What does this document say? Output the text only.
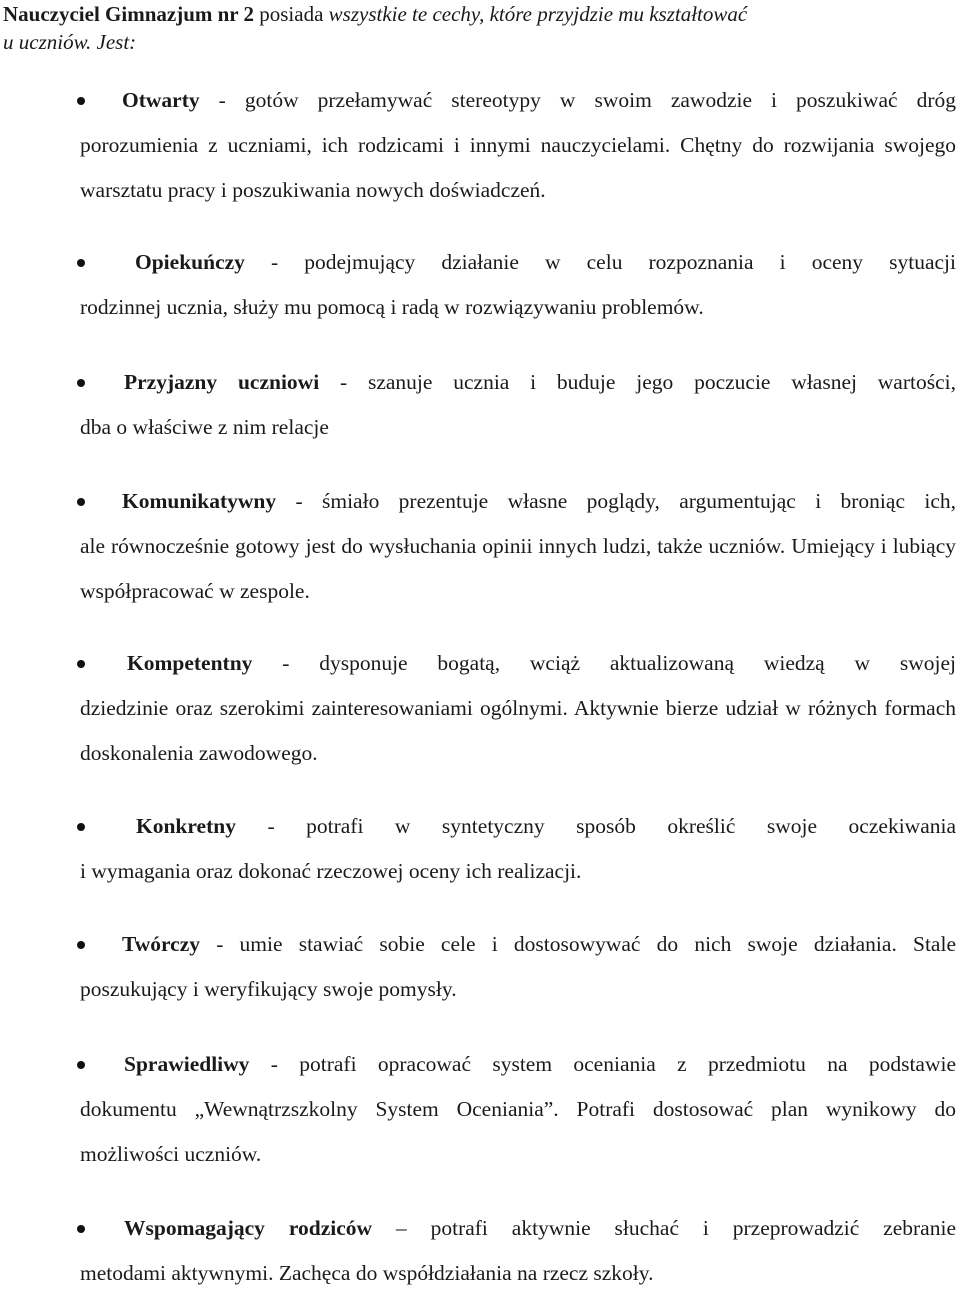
Nauczyciel Gimnazjum nr 2 posiada wszystkie te cechy, które przyjdzie mu kształtować
u uczniów. Jest:
Otwarty - gotów przełamywać stereotypy w swoim zawodzie i poszukiwać dróg
porozumienia z uczniami, ich rodzicami i innymi nauczycielami. Chętny do rozwijania swojego warsztatu pracy i poszukiwania nowych doświadczeń.
Opiekuńczy - podejmujący działanie w celu rozpoznania i oceny sytuacji
rodzinnej ucznia, służy mu pomocą i radą w rozwiązywaniu problemów.
Przyjazny uczniowi - szanuje ucznia i buduje jego poczucie własnej wartości,
dba o właściwe z nim relacje
Komunikatywny - śmiało prezentuje własne poglądy, argumentując i broniąc ich,
ale równocześnie gotowy jest do wysłuchania opinii innych ludzi, także uczniów. Umiejący i lubiący współpracować w zespole.
Kompetentny - dysponuje bogatą, wciąż aktualizowaną wiedzą w swojej
dziedzinie oraz szerokimi zainteresowaniami ogólnymi. Aktywnie bierze udział w różnych formach doskonalenia zawodowego.
Konkretny - potrafi w syntetyczny sposób określić swoje oczekiwania
i wymagania oraz dokonać rzeczowej oceny ich realizacji.
Twórczy - umie stawiać sobie cele i dostosowywać do nich swoje działania. Stale
poszukujący i weryfikujący swoje pomysły.
Sprawiedliwy - potrafi opracować system oceniania z przedmiotu na podstawie
dokumentu „Wewnątrzszkolny System Oceniania”. Potrafi dostosować plan wynikowy do możliwości uczniów.
Wspomagający rodziców – potrafi aktywnie słuchać i przeprowadzić zebranie
metodami aktywnymi. Zachęca do współdziałania na rzecz szkoły.
